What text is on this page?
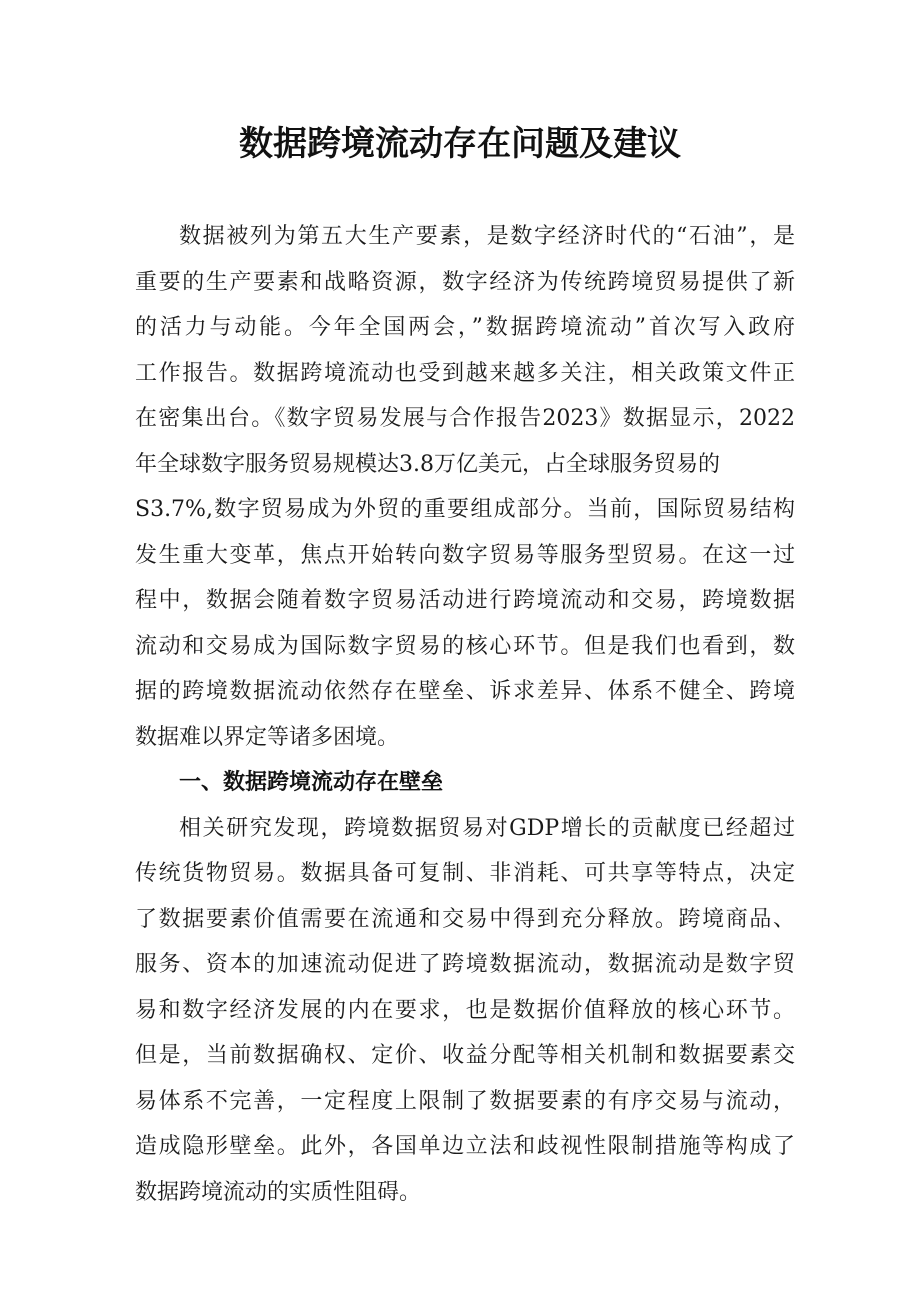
数据跨境流动存在问题及建议
数据被列为第五大生产要素，是数字经济时代的“石油”，是
重要的生产要素和战略资源，数字经济为传统跨境贸易提供了新
的活力与动能。今年全国两会，”数据跨境流动”首次写入政府
工作报告。数据跨境流动也受到越来越多关注，相关政策文件正
在密集出台。《数字贸易发展与合作报告2023》数据显示，2022
年全球数字服务贸易规模达3.8万亿美元，占全球服务贸易的
S3.7%,数字贸易成为外贸的重要组成部分。当前，国际贸易结构
发生重大变革，焦点开始转向数字贸易等服务型贸易。在这一过
程中，数据会随着数字贸易活动进行跨境流动和交易，跨境数据
流动和交易成为国际数字贸易的核心环节。但是我们也看到，数
据的跨境数据流动依然存在壁垒、诉求差异、体系不健全、跨境
数据难以界定等诸多困境。
一、数据跨境流动存在壁垒
相关研究发现，跨境数据贸易对GDP增长的贡献度已经超过
传统货物贸易。数据具备可复制、非消耗、可共享等特点，决定
了数据要素价值需要在流通和交易中得到充分释放。跨境商品、
服务、资本的加速流动促进了跨境数据流动，数据流动是数字贸
易和数字经济发展的内在要求，也是数据价值释放的核心环节。
但是，当前数据确权、定价、收益分配等相关机制和数据要素交
易体系不完善，一定程度上限制了数据要素的有序交易与流动，
造成隐形壁垒。此外，各国单边立法和歧视性限制措施等构成了
数据跨境流动的实质性阻碍。
